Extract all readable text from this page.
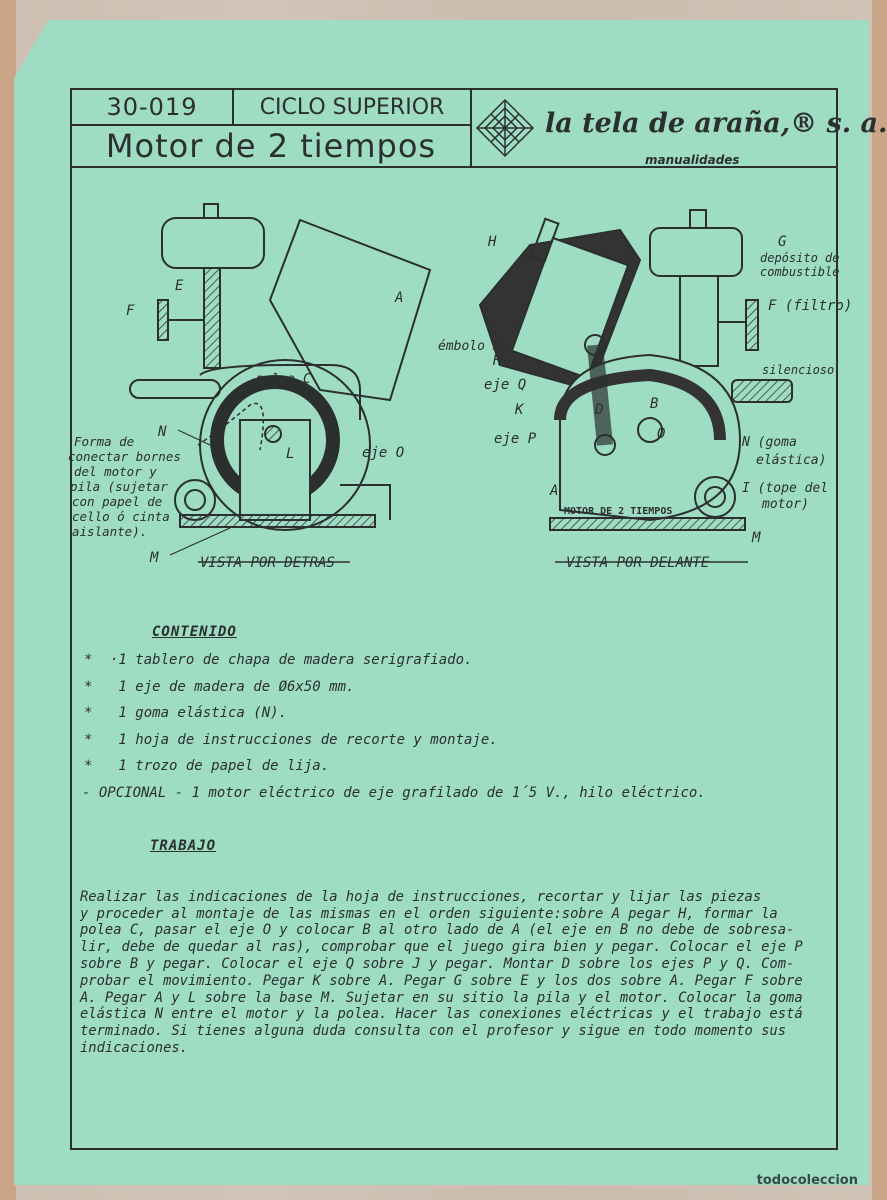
30-019	CICLO SUPERIOR
Motor de 2 tiempos
la tela de araña,® s. a.
manualidades
A
E
F
polea C
N
L	eje O
M	VISTA POR DETRAS
Forma de conectar bornes del motor y pila (sujetar con papel de cello ó cinta aislante).
H	G
depósito de
combustible
F (filtro)
émbolo J
H
eje Q
silencioso
K	D	B
O
eje P	N (goma
elástica)
A	I (tope del
motor)
MOTOR DE 2 TIEMPOS
M
VISTA POR DELANTE
CONTENIDO
* ·1 tablero de chapa de madera serigrafiado.
* 1 eje de madera de Ø6x50 mm.
* 1 goma elástica (N).
* 1 hoja de instrucciones de recorte y montaje.
* 1 trozo de papel de lija.
- OPCIONAL - 1 motor eléctrico de eje grafilado de 1´5 V., hilo eléctrico.
TRABAJO

Realizar las indicaciones de la hoja de instrucciones, recortar y lijar las piezas
y proceder al montaje de las mismas en el orden siguiente:sobre A pegar H, formar la
polea C, pasar el eje O y colocar B al otro lado de A (el eje en B no debe de sobresa-
lir, debe de quedar al ras), comprobar que el juego gira bien y pegar. Colocar el eje P
sobre B y pegar. Colocar el eje Q sobre J y pegar. Montar D sobre los ejes P y Q. Com-
probar el movimiento. Pegar K sobre A. Pegar G sobre E y los dos sobre A. Pegar F sobre
A. Pegar A y L sobre la base M. Sujetar en su sitio la pila y el motor. Colocar la goma
elástica N entre el motor y la polea. Hacer las conexiones eléctricas y el trabajo está
terminado. Si tienes alguna duda consulta con el profesor y sigue en todo momento sus
indicaciones.

todocoleccion
